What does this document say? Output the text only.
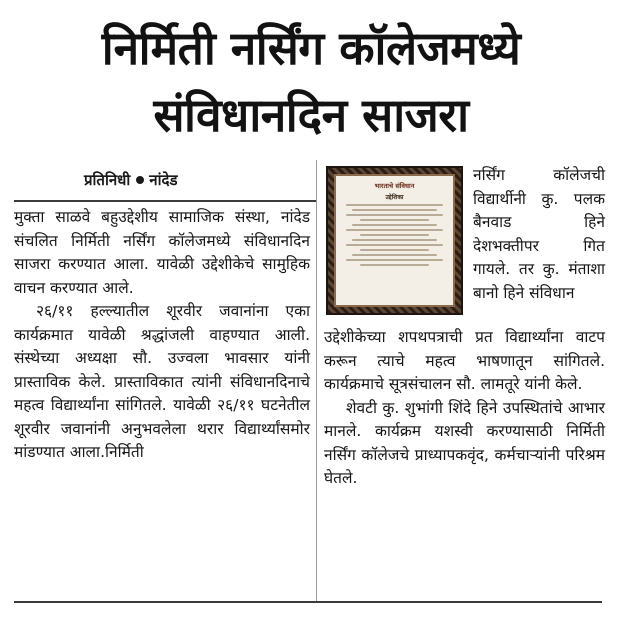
निर्मिती नर्सिंग कॉलेजमध्ये
संविधानदिन साजरा
प्रतिनिधी नांदेड

मुक्ता साळवे बहुउद्देशीय सामाजिक संस्था, नांदेड संचलित निर्मिती नर्सिंग कॉलेजमध्ये संविधानदिन साजरा करण्यात आला. यावेळी उद्देशीकेचे सामुहिक वाचन करण्यात आले.

२६/११ हल्ल्यातील शूरवीर जवानांना एका कार्यक्रमात यावेळी श्रद्धांजली वाहण्यात आली. संस्थेच्या अध्यक्षा सौ. उज्वला भावसार यांनी प्रास्ताविक केले. प्रास्ताविकात त्यांनी संविधानदिनाचे महत्व विद्यार्थ्यांना सांगितले. यावेळी २६/११ घटनेतील शूरवीर जवानांनी अनुभवलेला थरार विद्यार्थ्यांसमोर मांडण्यात आला.निर्मिती

भारताचे संविधान
उद्देशिका

नर्सिंग कॉलेजची विद्यार्थीनी कु. पलक बैनवाड हिने देशभक्तीपर गित गायले. तर कु. मंताशा बानो हिने संविधान

उद्देशीकेच्या शपथपत्राची प्रत विद्यार्थ्यांना वाटप करून त्याचे महत्व भाषणातून सांगितले. कार्यक्रमाचे सूत्रसंचालन सौ. लामतूरे यांनी केले.

शेवटी कु. शुभांगी शिंदे हिने उपस्थितांचे आभार मानले. कार्यक्रम यशस्वी करण्यासाठी निर्मिती नर्सिंग कॉलेजचे प्राध्यापकवृंद, कर्मचाऱ्यांनी परिश्रम घेतले.
